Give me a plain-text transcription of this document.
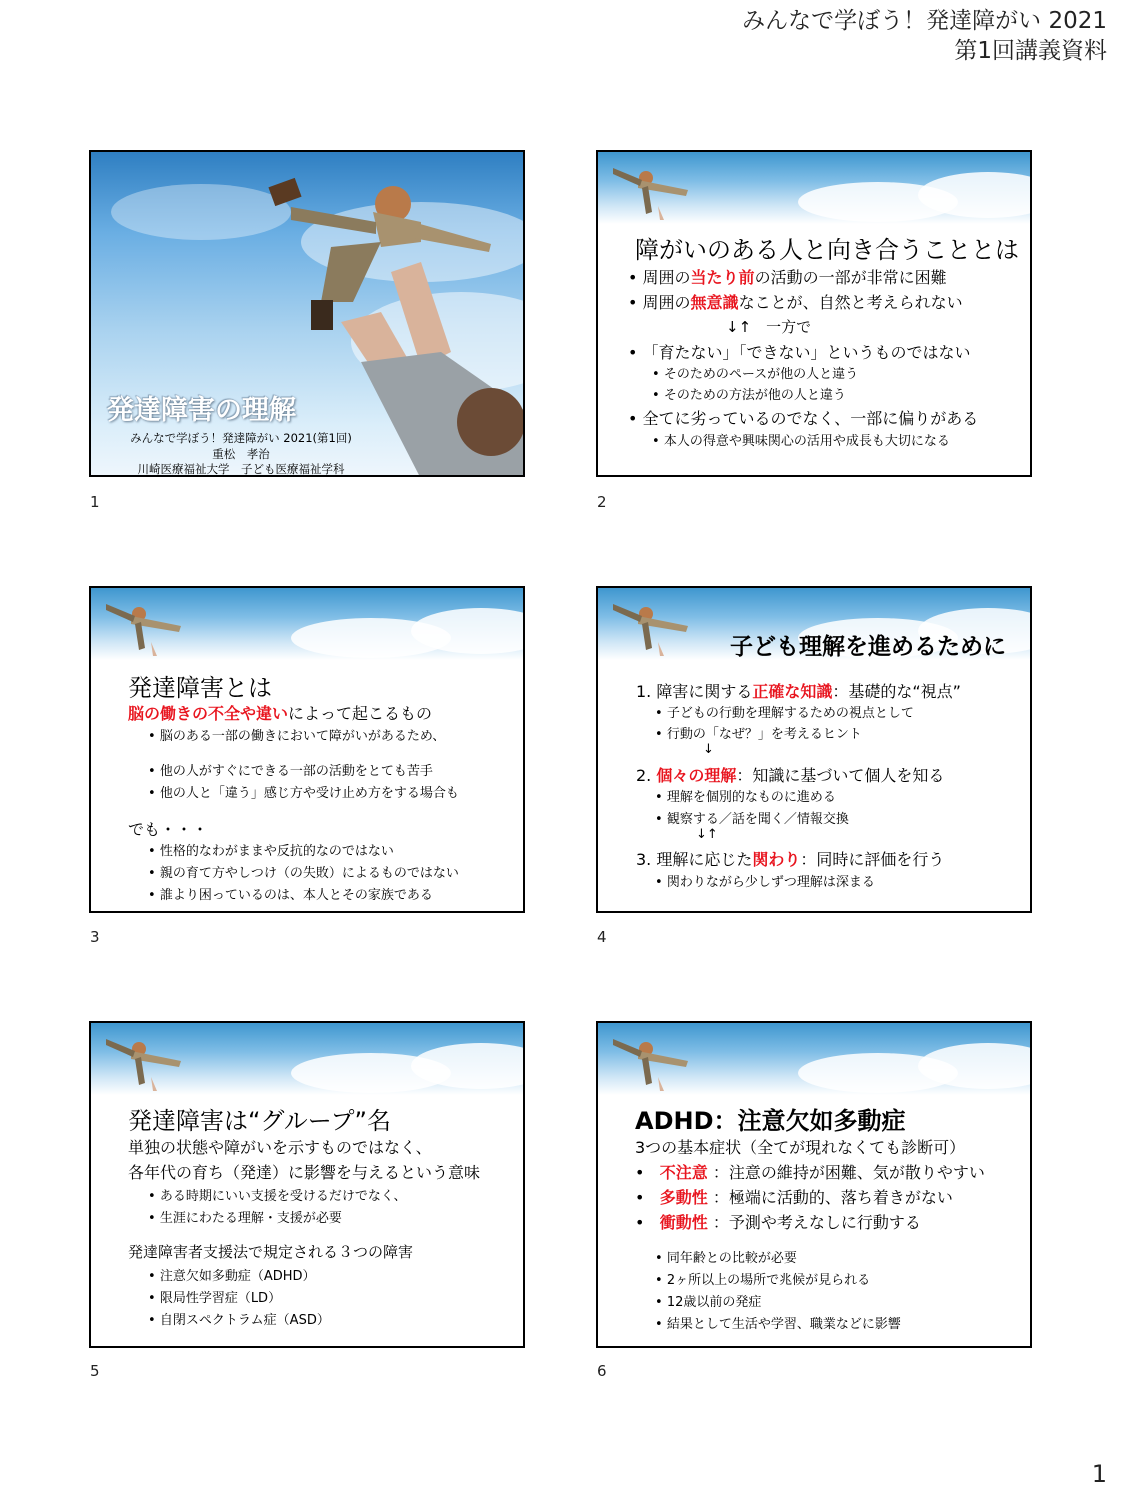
みんなで学ぼう！発達障がい 2021
第1回講義資料
発達障害の理解
みんなで学ぼう！発達障がい 2021(第1回)
重松　孝治
川崎医療福祉大学　子ども医療福祉学科
1
障がいのある人と向き合うこととは
• 周囲の当たり前の活動の一部が非常に困難
• 周囲の無意識なことが、自然と考えられない
↓↑　一方で
• 「育たない」「できない」というものではない
• そのためのペースが他の人と違う
• そのための方法が他の人と違う
• 全てに劣っているのでなく、一部に偏りがある
• 本人の得意や興味関心の活用や成長も大切になる
2
発達障害とは
脳の働きの不全や違いによって起こるもの
• 脳のある一部の働きにおいて障がいがあるため、
• 他の人がすぐにできる一部の活動をとても苦手
• 他の人と「違う」感じ方や受け止め方をする場合も
でも・・・
• 性格的なわがままや反抗的なのではない
• 親の育て方やしつけ（の失敗）によるものではない
• 誰より困っているのは、本人とその家族である
3
子ども理解を進めるために
1. 障害に関する正確な知識：基礎的な“視点”
• 子どもの行動を理解するための視点として
• 行動の「なぜ？」を考えるヒント
↓
2. 個々の理解：知識に基づいて個人を知る
• 理解を個別的なものに進める
• 観察する／話を聞く／情報交換
↓↑
3. 理解に応じた関わり：同時に評価を行う
• 関わりながら少しずつ理解は深まる
4
発達障害は“グループ”名
単独の状態や障がいを示すものではなく、
各年代の育ち（発達）に影響を与えるという意味
• ある時期にいい支援を受けるだけでなく、
• 生涯にわたる理解・支援が必要
発達障害者支援法で規定される３つの障害
• 注意欠如多動症（ADHD）
• 限局性学習症（LD）
• 自閉スペクトラム症（ASD）
5
ADHD：注意欠如多動症
3つの基本症状（全てが現れなくても診断可）
•   不注意 ：注意の維持が困難、気が散りやすい
•   多動性 ：極端に活動的、落ち着きがない
•   衝動性 ：予測や考えなしに行動する
• 同年齢との比較が必要
• 2ヶ所以上の場所で兆候が見られる
• 12歳以前の発症
• 結果として生活や学習、職業などに影響
6
1
